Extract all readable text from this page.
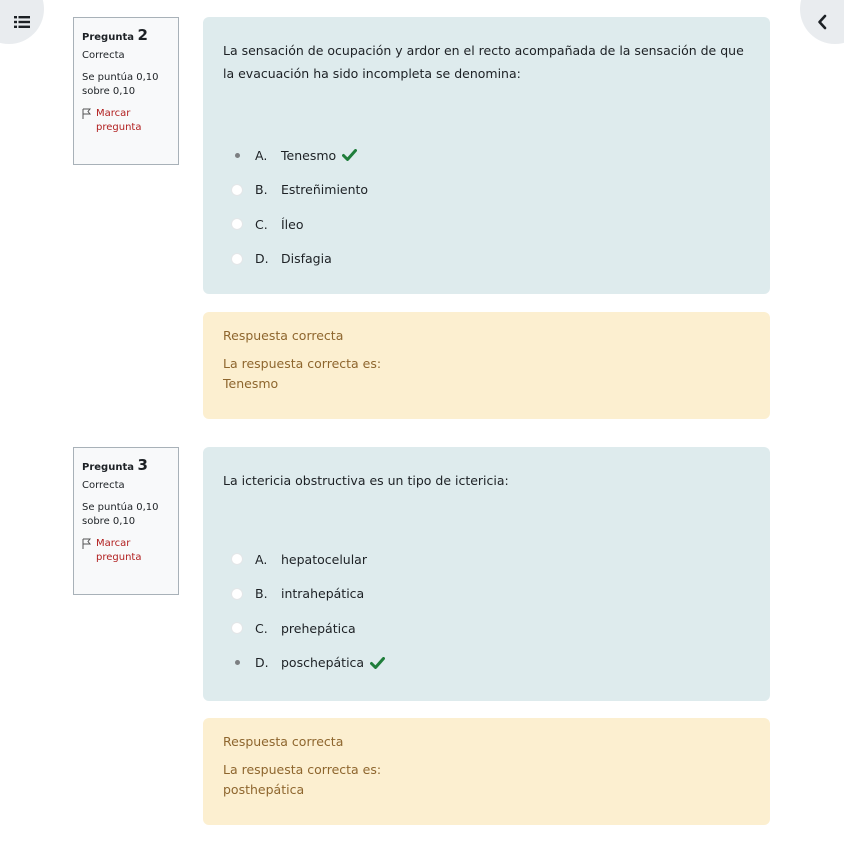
Pregunta 2

Correcta
Se puntúa 0,10 sobre 0,10
Marcar pregunta

La sensación de ocupación y ardor en el recto acompañada de la sensación de que la evacuación ha sido incompleta se denomina:

A.	Tenesmo
B.	Estreñimiento
C.	Íleo
D. Disfagia

Respuesta correcta

La respuesta correcta es:

Tenesmo

Pregunta 3

Correcta
Se puntúa 0,10 sobre 0,10
Marcar pregunta

La ictericia obstructiva es un tipo de ictericia:

A.	hepatocelular
B.	intrahepática
C.	prehepática
D. poschepática

Respuesta correcta

La respuesta correcta es:

posthepática
